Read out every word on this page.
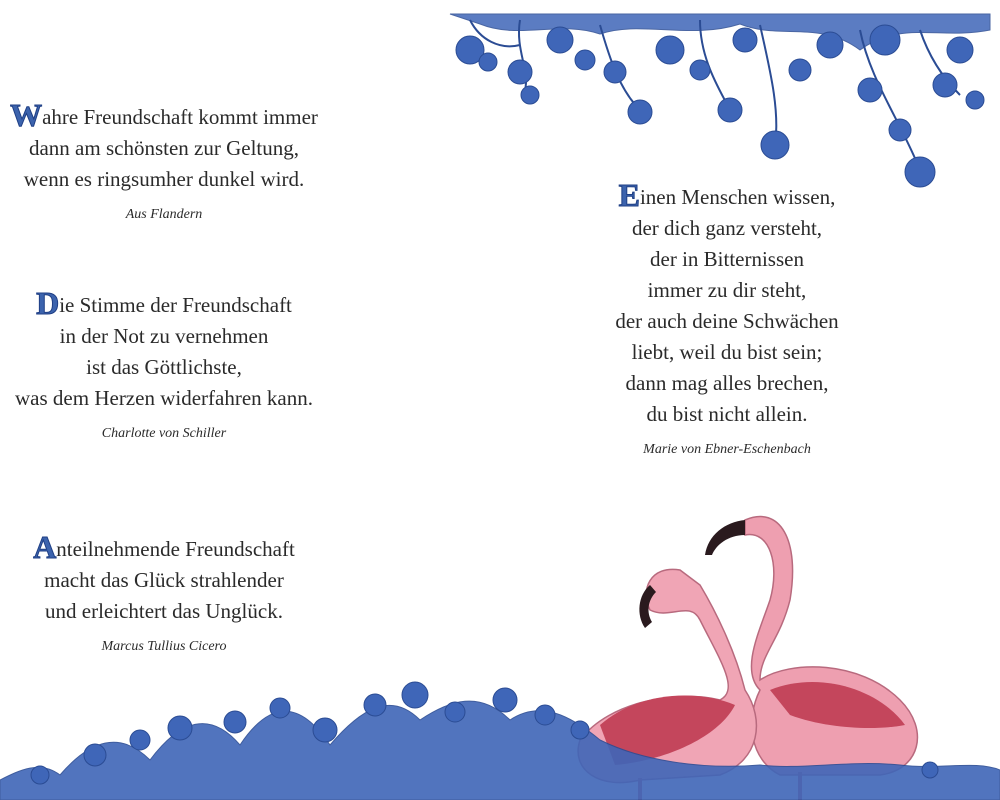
Wahre Freundschaft kommt immer
dann am schönsten zur Geltung,
wenn es ringsumher dunkel wird.
Aus Flandern
Die Stimme der Freundschaft
in der Not zu vernehmen
ist das Göttlichste,
was dem Herzen widerfahren kann.
Charlotte von Schiller
Anteilnehmende Freundschaft
macht das Glück strahlender
und erleichtert das Unglück.
Marcus Tullius Cicero
Einen Menschen wissen,
der dich ganz versteht,
der in Bitternissen
immer zu dir steht,
der auch deine Schwächen
liebt, weil du bist sein;
dann mag alles brechen,
du bist nicht allein.
Marie von Ebner-Eschenbach
